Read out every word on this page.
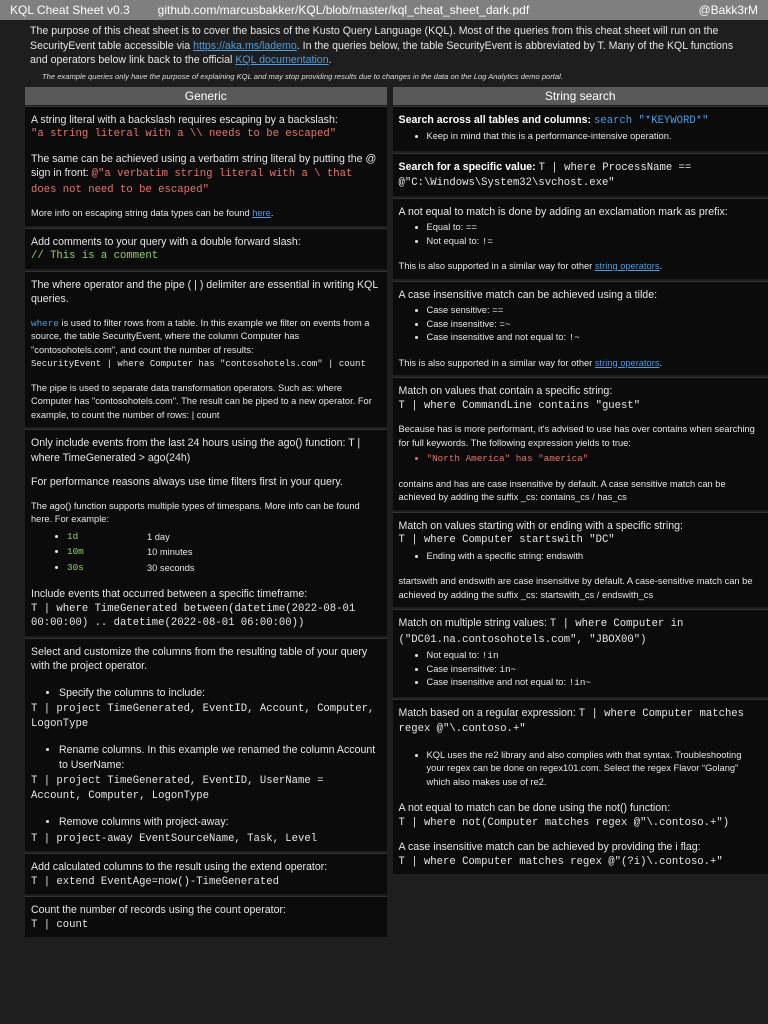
KQL Cheat Sheet v0.3 github.com/marcusbakker/KQL/blob/master/kql_cheat_sheet_dark.pdf	@Bakk3rM
The purpose of this cheat sheet is to cover the basics of the Kusto Query Language (KQL). Most of the queries from this cheat sheet will run on the SecurityEvent table accessible via https://aka.ms/lademo. In the queries below, the table SecurityEvent is abbreviated by T. Many of the KQL functions and operators below link back to the official KQL documentation.
The example queries only have the purpose of explaining KQL and may stop providing results due to changes in the data on the Log Analytics demo portal.
Generic

A string literal with a backslash requires escaping by a backslash:

"a string literal with a \\ needs to be escaped"

The same can be achieved using a verbatim string literal by putting the @ sign in front: @"a verbatim string literal with a \ that does not need to be escaped"

More info on escaping string data types can be found here.

Add comments to your query with a double forward slash:

// This is a comment

The where operator and the pipe ( | ) delimiter are essential in writing KQL queries.

where is used to filter rows from a table. In this example we filter on events from a source, the table SecurityEvent, where the column Computer has "contosohotels.com", and count the number of results:

SecurityEvent | where Computer has "contosohotels.com" | count

The pipe is used to separate data transformation operators. Such as: where Computer has "contosohotels.com". The result can be piped to a new operator. For example, to count the number of rows: | count

Only include events from the last 24 hours using the ago() function: T | where TimeGenerated > ago(24h)

For performance reasons always use time filters first in your query.

The ago() function supports multiple types of timespans. More info can be found here. For example:

• 1d	1 day
• 10m	10 minutes
• 30s	30 seconds

Include events that occurred between a specific timeframe:

T | where TimeGenerated between(datetime(2022-08-01 00:00:00) .. datetime(2022-08-01 06:00:00))

Select and customize the columns from the resulting table of your query with the project operator.

• Specify the columns to include:

T | project TimeGenerated, EventID, Account, Computer, LogonType

• Rename columns. In this example we renamed the column Account to UserName:

T | project TimeGenerated, EventID, UserName = Account, Computer, LogonType

• Remove columns with project-away:

T | project-away EventSourceName, Task, Level

Add calculated columns to the result using the extend operator:

T | extend EventAge=now()-TimeGenerated

Count the number of records using the count operator:

T | count

String search

Search across all tables and columns: search "*KEYWORD*"

• Keep in mind that this is a performance-intensive operation.

Search for a specific value: T | where ProcessName == @"C:\Windows\System32\svchost.exe"

A not equal to match is done by adding an exclamation mark as prefix:

• Equal to: ==
• Not equal to: !=

This is also supported in a similar way for other string operators.

A case insensitive match can be achieved using a tilde:

• Case sensitive: ==
• Case insensitive: =~
• Case insensitive and not equal to: !~

This is also supported in a similar way for other string operators.

Match on values that contain a specific string:

T | where CommandLine contains "guest"

Because has is more performant, it's advised to use has over contains when searching for full keywords. The following expression yields to true:

• "North America" has "america"

contains and has are case insensitive by default. A case sensitive match can be achieved by adding the suffix _cs: contains_cs / has_cs

Match on values starting with or ending with a specific string:

T | where Computer startswith "DC"

• Ending with a specific string: endswith

startswith and endswith are case insensitive by default. A case-sensitive match can be achieved by adding the suffix _cs: startswith_cs / endswith_cs

Match on multiple string values: T | where Computer in ("DC01.na.contosohotels.com", "JBOX00")

• Not equal to: !in
• Case insensitive: in~
• Case insensitive and not equal to: !in~

Match based on a regular expression: T | where Computer matches regex @"\.contoso.+"

• KQL uses the re2 library and also complies with that syntax. Troubleshooting your regex can be done on regex101.com. Select the regex Flavor “Golang” which also makes use of re2.

A not equal to match can be done using the not() function:

T | where not(Computer matches regex @"\.contoso.+")

A case insensitive match can be achieved by providing the i flag:

T | where Computer matches regex @"(?i)\.contoso.+"
